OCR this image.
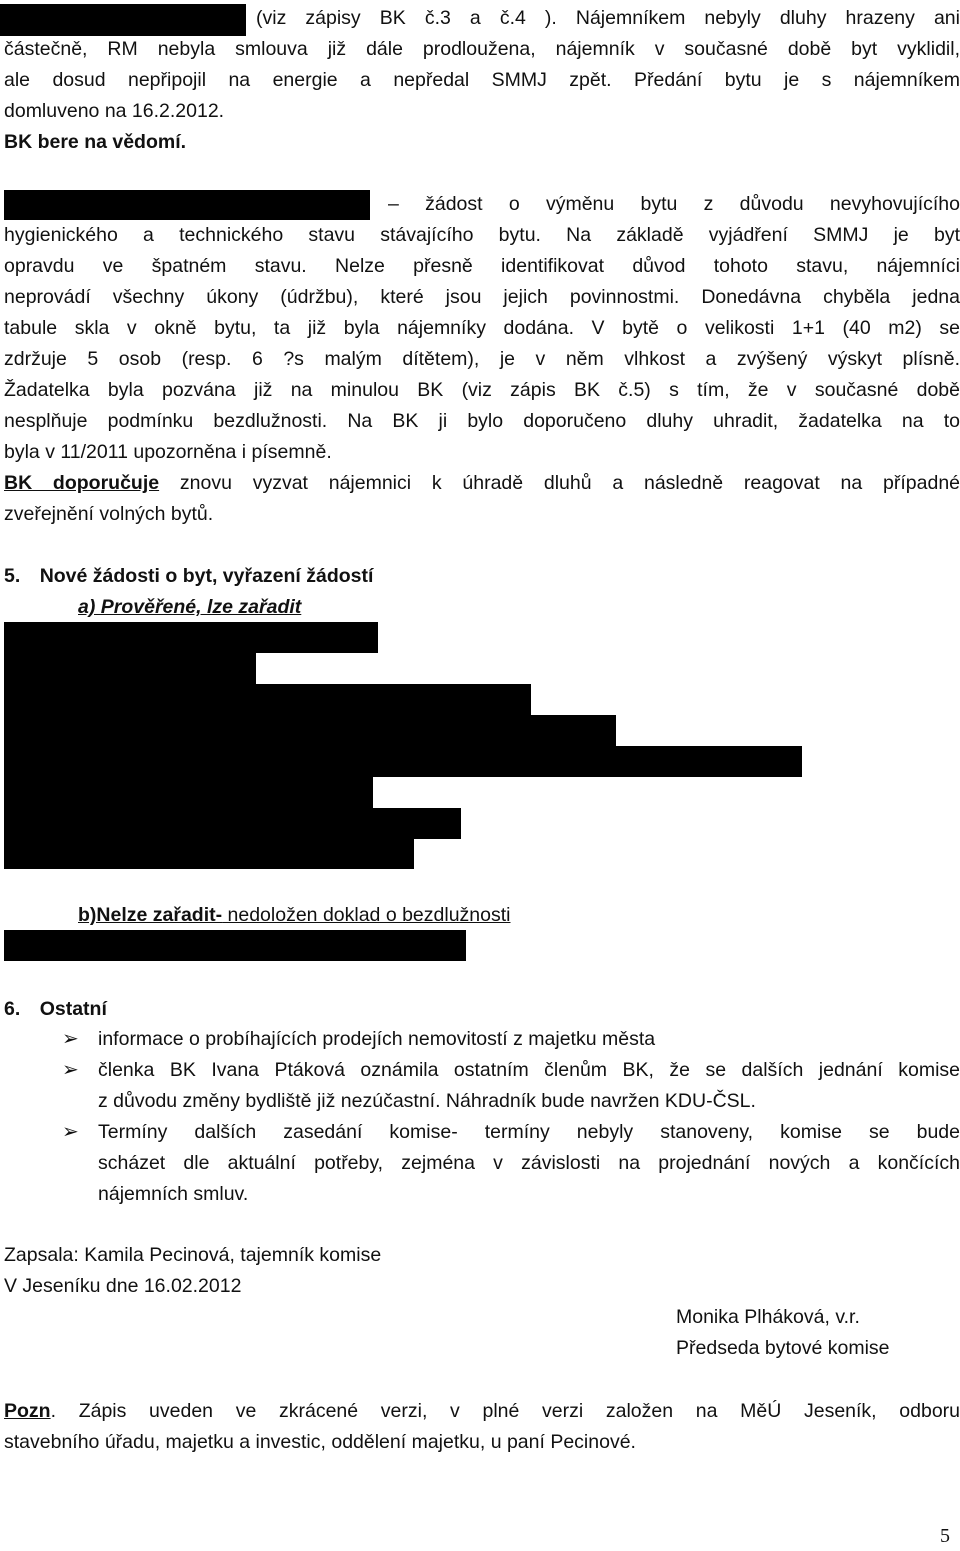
(viz zápisy BK č.3 a č.4 ). Nájemníkem nebyly dluhy hrazeny ani
částečně, RM nebyla smlouva již dále prodloužena, nájemník v současné době byt vyklidil,
ale dosud nepřipojil na energie a nepředal SMMJ zpět. Předání bytu je s nájemníkem
domluveno na 16.2.2012.
BK bere na vědomí.
– žádost o výměnu bytu z důvodu nevyhovujícího
hygienického a technického stavu stávajícího bytu. Na základě vyjádření SMMJ je byt
opravdu ve špatném stavu. Nelze přesně identifikovat důvod tohoto stavu, nájemníci
neprovádí všechny úkony (údržbu), které jsou jejich povinnostmi. Donedávna chyběla jedna
tabule skla v okně bytu, ta již byla nájemníky dodána. V bytě o velikosti 1+1 (40 m2) se
zdržuje 5 osob (resp. 6 ?s malým dítětem), je v něm vlhkost a zvýšený výskyt plísně.
Žadatelka byla pozvána již na minulou BK (viz zápis BK č.5) s tím, že v současné době
nesplňuje podmínku bezdlužnosti. Na BK ji bylo doporučeno dluhy uhradit, žadatelka na to
byla v 11/2011 upozorněna i písemně.
BK doporučuje znovu vyzvat nájemnici k úhradě dluhů a následně reagovat na případné
zveřejnění volných bytů.
5. Nové žádosti o byt, vyřazení žádostí
a) Prověřené, lze zařadit
b)Nelze zařadit- nedoložen doklad o bezdlužnosti
6. Ostatní
➢ informace o probíhajících prodejích nemovitostí z majetku města
➢ členka BK Ivana Ptáková oznámila ostatním členům BK, že se dalších jednání komise
z důvodu změny bydliště již nezúčastní. Náhradník bude navržen KDU-ČSL.
➢ Termíny dalších zasedání komise- termíny nebyly stanoveny, komise se bude
scházet dle aktuální potřeby, zejména v závislosti na projednání nových a končících
nájemních smluv.
Zapsala: Kamila Pecinová, tajemník komise
V Jeseníku dne 16.02.2012
Monika Plháková, v.r.
Předseda bytové komise
Pozn. Zápis uveden ve zkrácené verzi, v plné verzi založen na MěÚ Jeseník, odboru
stavebního úřadu, majetku a investic, oddělení majetku, u paní Pecinové.
5
